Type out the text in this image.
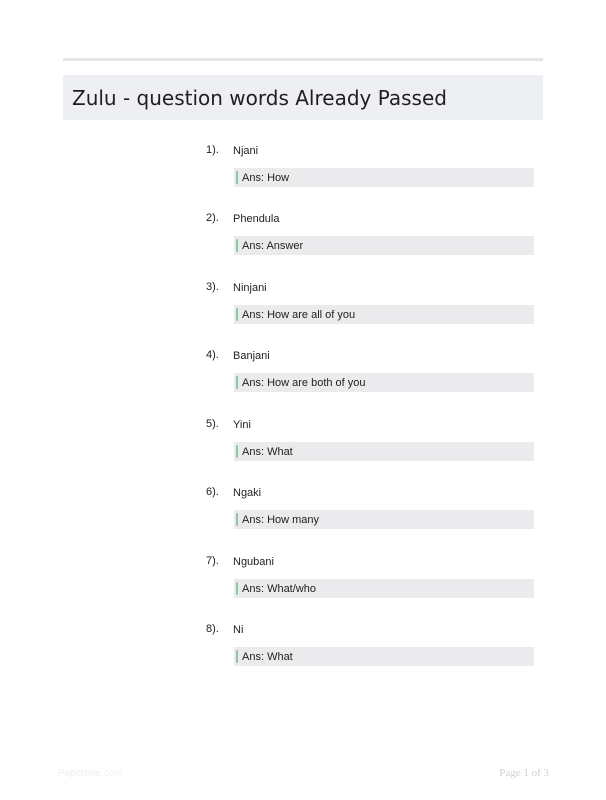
Zulu - question words Already Passed
1). Njani
Ans: How
2). Phendula
Ans: Answer
3). Ninjani
Ans: How are all of you
4). Banjani
Ans: How are both of you
5). Yini
Ans: What
6). Ngaki
Ans: How many
7). Ngubani
Ans: What/who
8). Ni
Ans: What
Paperbite.com	Page 1 of 3
